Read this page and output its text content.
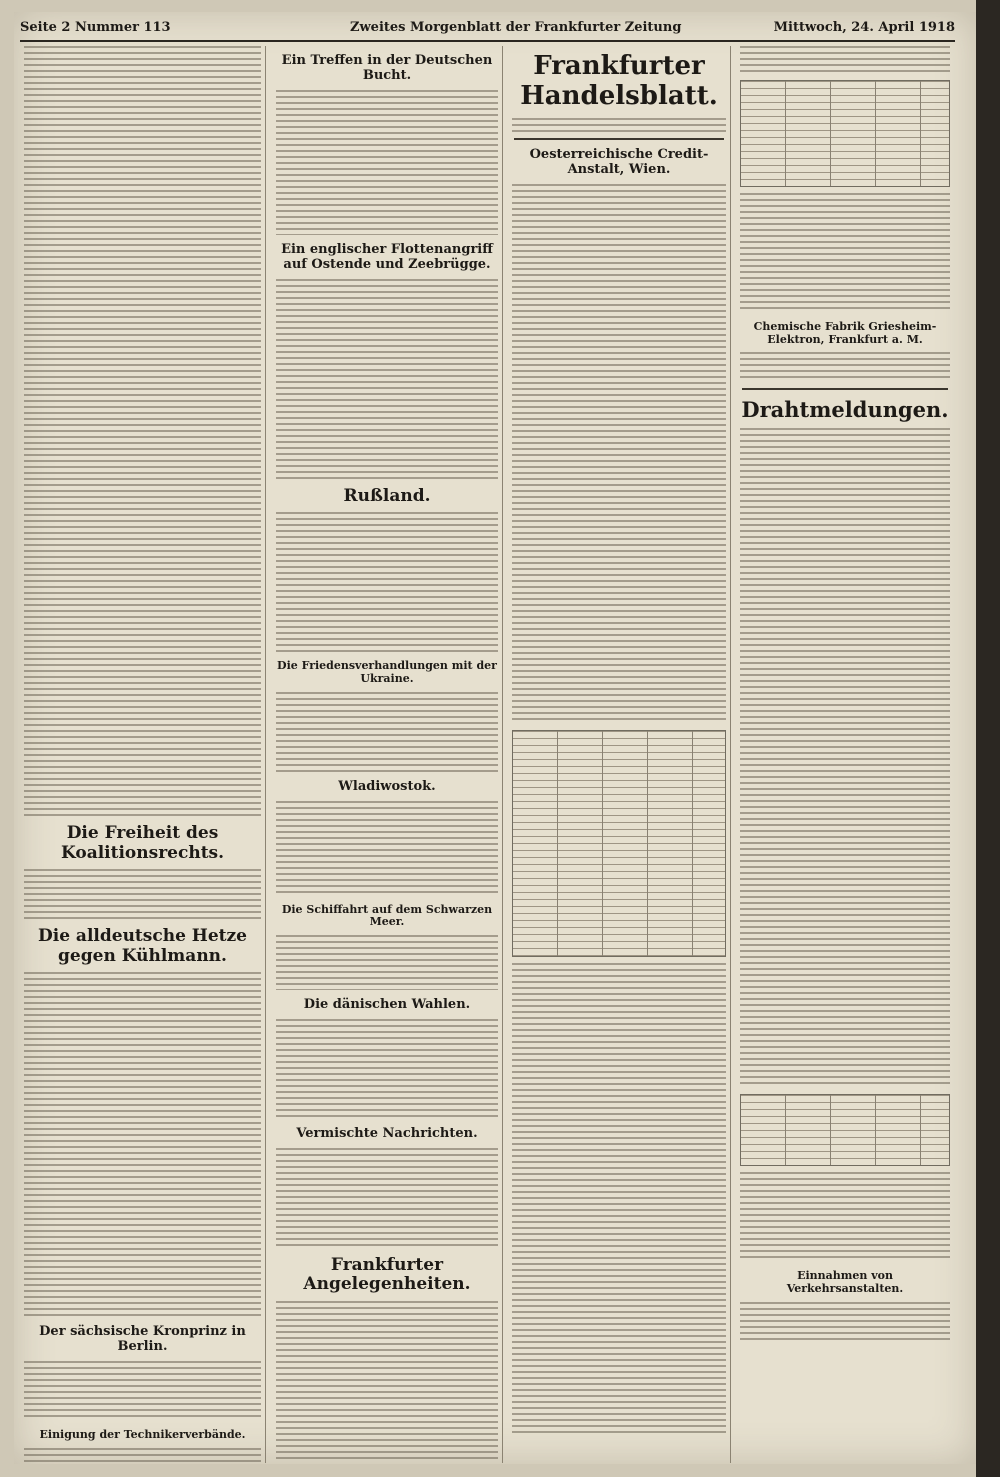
Seite 2 Nummer 113	Zweites Morgenblatt der Frankfurter Zeitung	Mittwoch, 24. April 1918
Die Freiheit des Koalitionsrechts.
Die alldeutsche Hetze gegen Kühlmann.
Der sächsische Kronprinz in Berlin.
Einigung der Technikerverbände.
Ein Treffen in der Deutschen Bucht.
Ein englischer Flottenangriff auf Ostende und Zeebrügge.
Rußland.
Die Friedensverhandlungen mit der Ukraine.
Wladiwostok.
Die Schiffahrt auf dem Schwarzen Meer.
Die dänischen Wahlen.
Vermischte Nachrichten.
Frankfurter Angelegenheiten.
Frankfurter Handelsblatt.
Oesterreichische Credit-Anstalt, Wien.
Chemische Fabrik Griesheim-Elektron, Frankfurt a. M.
Drahtmeldungen.
Einnahmen von Verkehrsanstalten.
